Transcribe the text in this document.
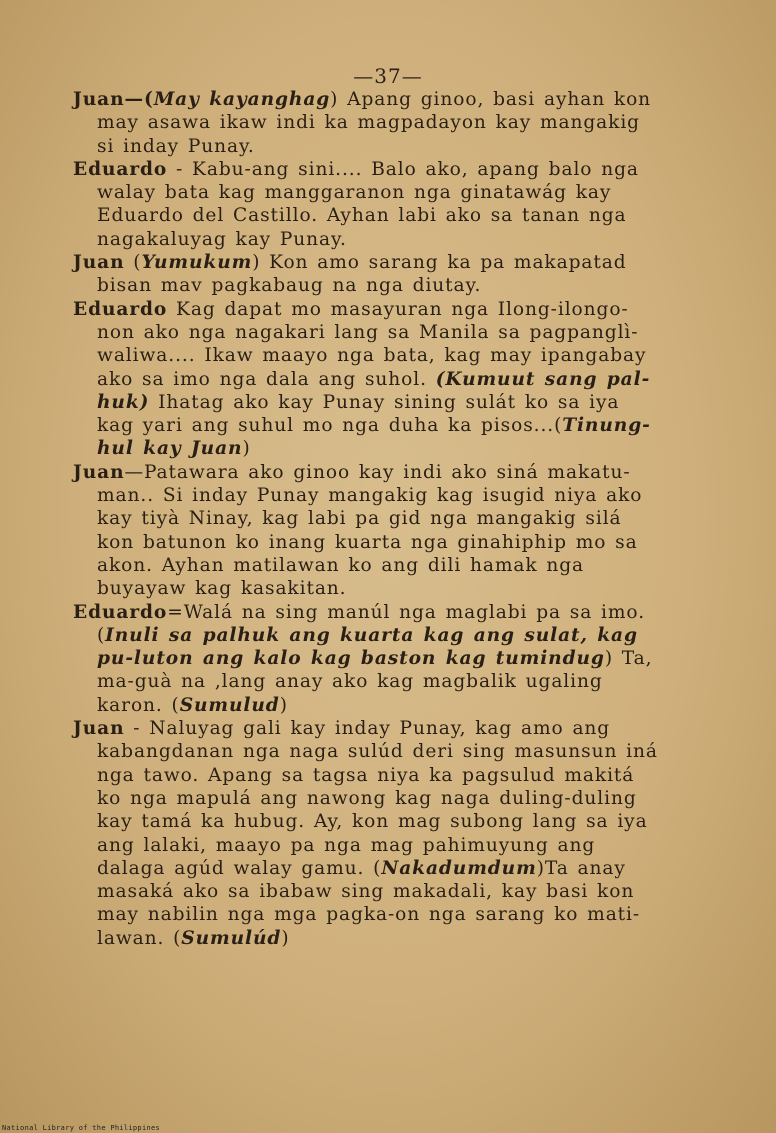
—37—

Juan—(May kayanghag) Apang ginoo, basi ayhan kon may asawa ikaw indi ka magpadayon kay mangakig si inday Punay.

Eduardo - Kabu-ang sini.... Balo ako, apang balo nga walay bata kag manggaranon nga ginatawág kay Eduardo del Castillo. Ayhan labi ako sa tanan nga nagakaluyag kay Punay.

Juan (Yumukum) Kon amo sarang ka pa makapatad bisan mav pagkabaug na nga diutay.

Eduardo Kag dapat mo masayuran nga Ilong-ilongo-non ako nga nagakari lang sa Manila sa pagpanglì-waliwa.... Ikaw maayo nga bata, kag may ipangabay ako sa imo nga dala ang suhol. (Kumuut sang pal-huk) Ihatag ako kay Punay sining sulát ko sa iya kag yari ang suhul mo nga duha ka pisos...(Tinung-hul kay Juan)

Juan—Patawara ako ginoo kay indi ako siná makatu-man.. Si inday Punay mangakig kag isugid niya ako kay tiyà Ninay, kag labi pa gid nga mangakig silá kon batunon ko inang kuarta nga ginahiphip mo sa akon. Ayhan matilawan ko ang dili hamak nga buyayaw kag kasakitan.

Eduardo=Walá na sing manúl nga maglabi pa sa imo. (Inuli sa palhuk ang kuarta kag ang sulat, kag pu-luton ang kalo kag baston kag tumindug) Ta, ma-guà na ,lang anay ako kag magbalik ugaling karon. (Sumulud)

Juan - Naluyag gali kay inday Punay, kag amo ang kabangdanan nga naga sulúd deri sing masunsun iná nga tawo. Apang sa tagsa niya ka pagsulud makitá ko nga mapulá ang nawong kag naga duling-duling kay tamá ka hubug. Ay, kon mag subong lang sa iya ang lalaki, maayo pa nga mag pahimuyung ang dalaga agúd walay gamu. (Nakadumdum)Ta anay masaká ako sa ibabaw sing makadali, kay basi kon may nabilin nga mga pagka-on nga sarang ko mati-lawan. (Sumulúd)

National Library of the Philippines
